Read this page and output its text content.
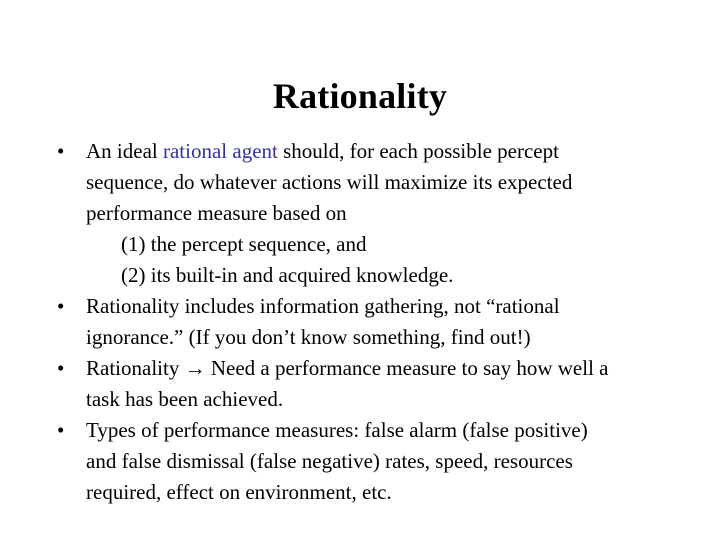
Rationality
•	An ideal rational agent should, for each possible percept
sequence, do whatever actions will maximize its expected
performance measure based on
(1) the percept sequence, and
(2) its built-in and acquired knowledge.
•	Rationality includes information gathering, not “rational
ignorance.” (If you don’t know something, find out!)
•	Rationality → Need a performance measure to say how well a
task has been achieved.
•	Types of performance measures: false alarm (false positive)
and false dismissal (false negative) rates, speed, resources
required, effect on environment, etc.
